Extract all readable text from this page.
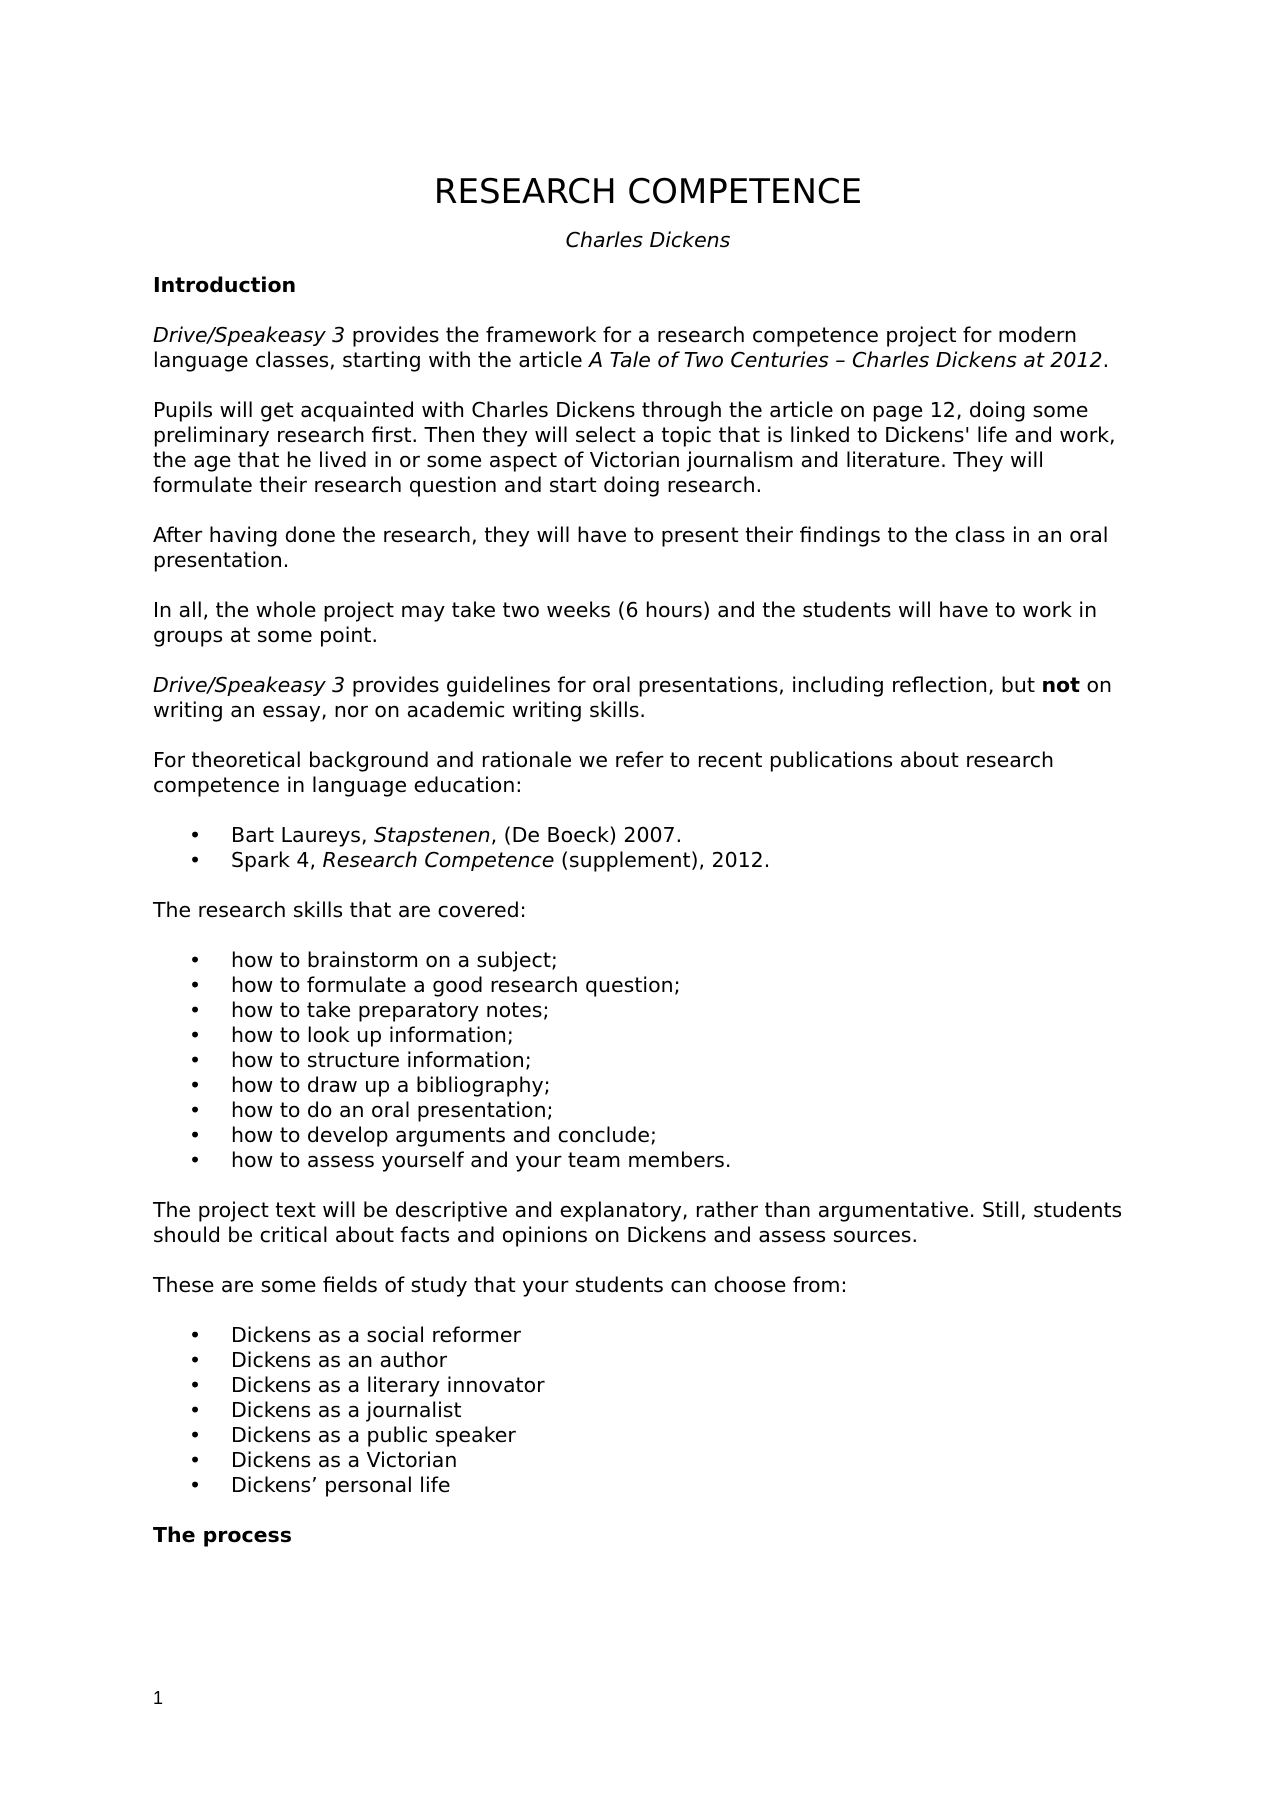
RESEARCH COMPETENCE
Charles Dickens
Introduction

Drive/Speakeasy 3 provides the framework for a research competence project for modern language classes, starting with the article A Tale of Two Centuries – Charles Dickens at 2012.

Pupils will get acquainted with Charles Dickens through the article on page 12, doing some preliminary research first. Then they will select a topic that is linked to Dickens' life and work, the age that he lived in or some aspect of Victorian journalism and literature. They will formulate their research question and start doing research.

After having done the research, they will have to present their findings to the class in an oral presentation.

In all, the whole project may take two weeks (6 hours) and the students will have to work in groups at some point.

Drive/Speakeasy 3 provides guidelines for oral presentations, including reflection, but not on writing an essay, nor on academic writing skills.

For theoretical background and rationale we refer to recent publications about research competence in language education:

• Bart Laureys, Stapstenen, (De Boeck) 2007.
• Spark 4, Research Competence (supplement), 2012.

The research skills that are covered:

• how to brainstorm on a subject;
• how to formulate a good research question;
• how to take preparatory notes;
• how to look up information;
• how to structure information;
• how to draw up a bibliography;
• how to do an oral presentation;
• how to develop arguments and conclude;
• how to assess yourself and your team members.

The project text will be descriptive and explanatory, rather than argumentative. Still, students should be critical about facts and opinions on Dickens and assess sources.

These are some fields of study that your students can choose from:

• Dickens as a social reformer
• Dickens as an author
• Dickens as a literary innovator
• Dickens as a journalist
• Dickens as a public speaker
• Dickens as a Victorian
• Dickens’ personal life
The process
1
